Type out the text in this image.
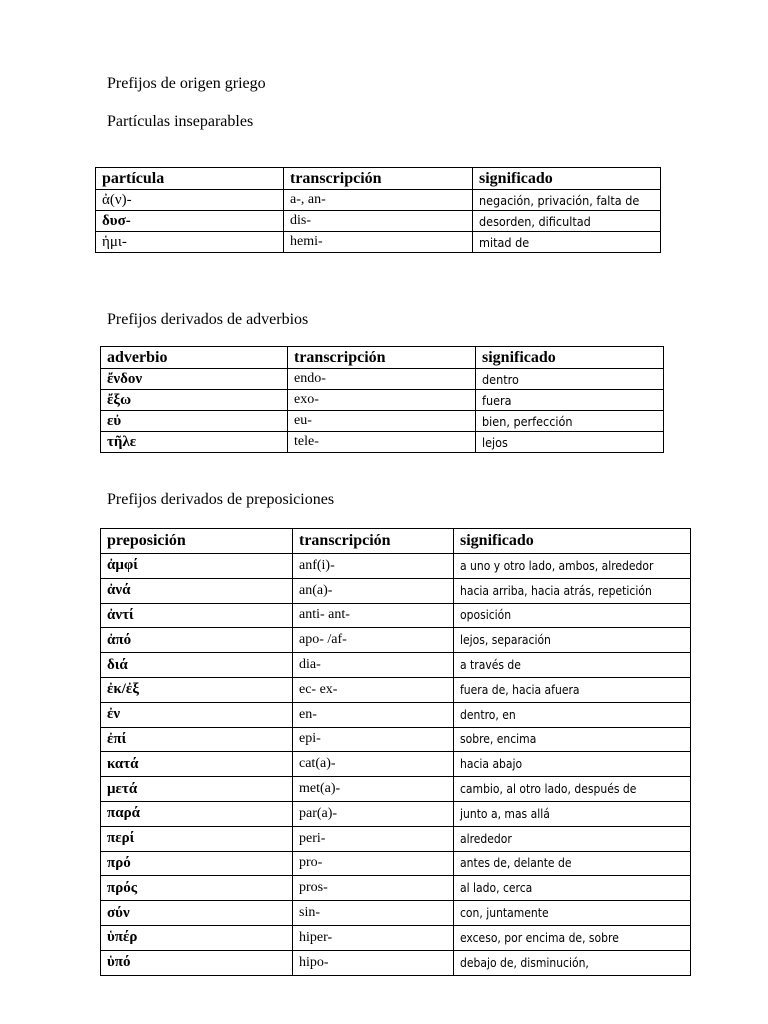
Prefijos de origen griego
Partículas inseparables
partícula	transcripción	significado
ἀ(ν)-	a-, an-	negación, privación, falta de
δυσ-	dis-	desorden, dificultad
ἡμι-	hemi-	mitad de
Prefijos derivados de adverbios
adverbio	transcripción	significado
ἔνδον	endo-	dentro
ἔξω	exo-	fuera
εὐ	eu-	bien, perfección
τῆλε	tele-	lejos
Prefijos derivados de preposiciones
preposición	transcripción	significado
ἀμφί	anf(i)-	a uno y otro lado, ambos, alrededor
ἀνά	an(a)-	hacia arriba, hacia atrás, repetición
ἀντί	anti- ant-	oposición
ἀπό	apo- /af-	lejos, separación
διά	dia-	a través de
ἐκ/ἐξ	ec- ex-	fuera de, hacia afuera
ἐν	en-	dentro, en
ἐπί	epi-	sobre, encima
κατά	cat(a)-	hacia abajo
μετά	met(a)-	cambio, al otro lado, después de
παρά	par(a)-	junto a, mas allá
περί	peri-	alrededor
πρό	pro-	antes de, delante de
πρός	pros-	al lado, cerca
σύν	sin-	con, juntamente
ὑπέρ	hiper-	exceso, por encima de, sobre
ὑπό	hipo-	debajo de, disminución,
